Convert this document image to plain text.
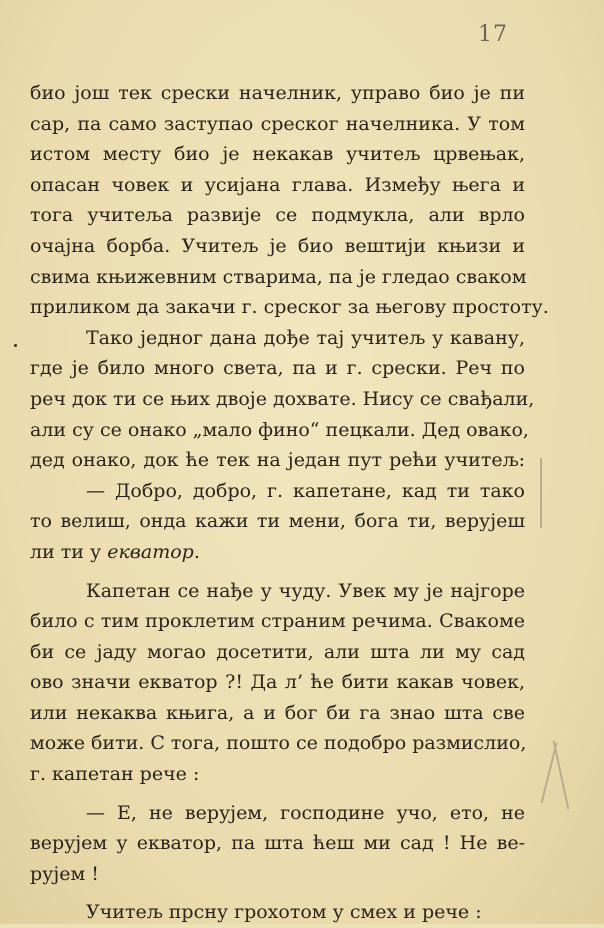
17
био још тек срески начелник, управо био је пи
сар, па само заступао среског начелника. У том
истом месту био је некакав учитељ црвењак,
опасан човек и усијана глава. Између њега и
тога учитеља развије се подмукла, али врло
очајна борба. Учитељ је био вештији књизи и
свима књижевним стварима, па је гледао сваком
приликом да закачи г. среског за његову простоту.
Тако једног дана дође тај учитељ у кавану,
где је било много света, па и г. срески. Реч по
реч док ти се њих двоје дохвате. Нису се свађали,
али су се онако „мало фино“ пецкали. Дед овако,
дед онако, док ће тек на један пут рећи учитељ:
— Добро, добро, г. капетане, кад ти тако
то велиш, онда кажи ти мени, бога ти, верујеш
ли ти у екватор.
Капетан се нађе у чуду. Увек му је најгоре
било с тим проклетим страним речима. Свакоме
би се јаду могао досетити, али шта ли му сад
ово значи екватор ?! Да л’ ће бити какав човек,
или некаква књига, а и бог би га знао шта све
може бити. С тога, пошто се подобро размислио,
г. капетан рече :
— Е, не верујем, господине учо, ето, не
верујем у екватор, па шта ћеш ми сад ! Не ве-
рујем !
Учитељ прсну грохотом у смех и рече :
